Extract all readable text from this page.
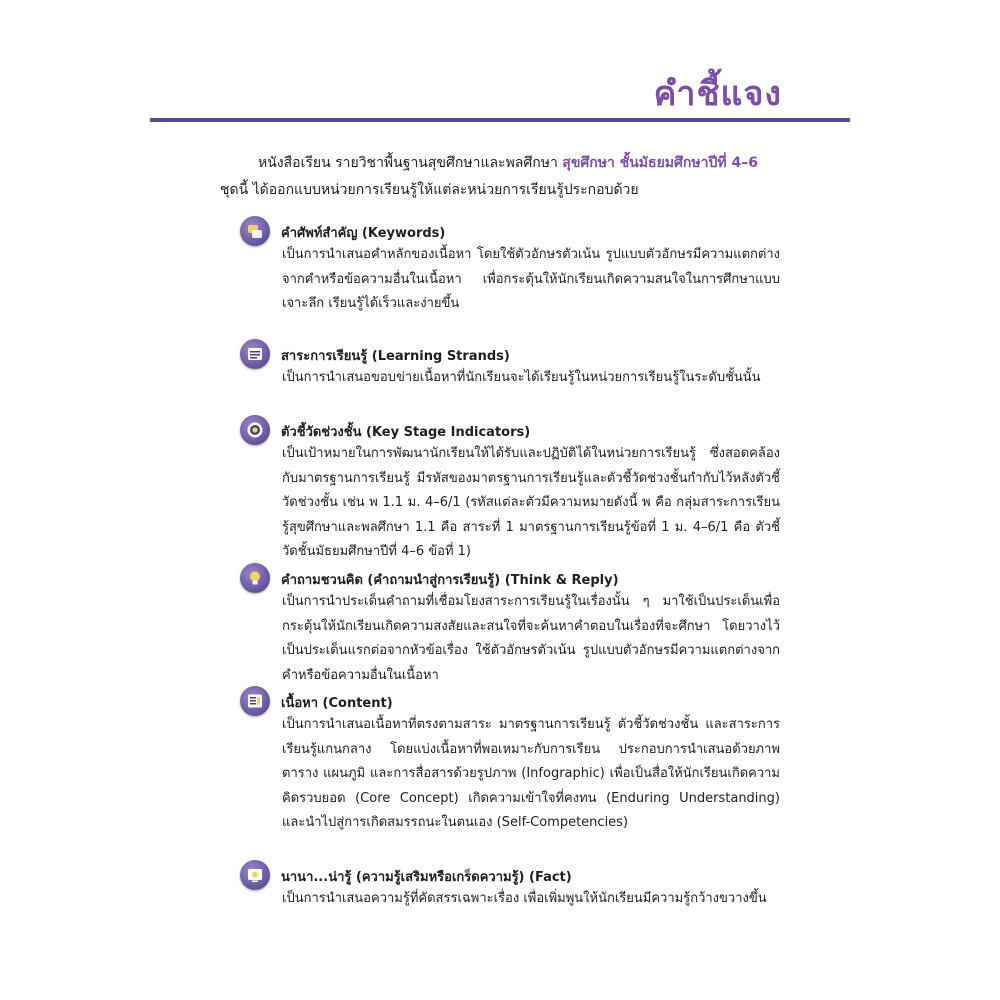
คำชี้แจง
หนังสือเรียน รายวิชาพื้นฐานสุขศึกษาและพลศึกษา สุขศึกษา ชั้นมัธยมศึกษาปีที่ 4–6
ชุดนี้ ได้ออกแบบหน่วยการเรียนรู้ให้แต่ละหน่วยการเรียนรู้ประกอบด้วย
คำศัพท์สำคัญ (Keywords)
เป็นการนำเสนอคำหลักของเนื้อหา โดยใช้ตัวอักษรตัวเน้น รูปแบบตัวอักษรมีความแตกต่างจากคำหรือข้อความอื่นในเนื้อหา เพื่อกระตุ้นให้นักเรียนเกิดความสนใจในการศึกษาแบบเจาะลึก เรียนรู้ได้เร็วและง่ายขึ้น
สาระการเรียนรู้ (Learning Strands)
เป็นการนำเสนอขอบข่ายเนื้อหาที่นักเรียนจะได้เรียนรู้ในหน่วยการเรียนรู้ในระดับชั้นนั้น
ตัวชี้วัดช่วงชั้น (Key Stage Indicators)
เป็นเป้าหมายในการพัฒนานักเรียนให้ได้รับและปฏิบัติได้ในหน่วยการเรียนรู้ ซึ่งสอดคล้องกับมาตรฐานการเรียนรู้ มีรหัสของมาตรฐานการเรียนรู้และตัวชี้วัดช่วงชั้นกำกับไว้หลังตัวชี้วัดช่วงชั้น เช่น พ 1.1 ม. 4–6/1 (รหัสแต่ละตัวมีความหมายดังนี้ พ คือ กลุ่มสาระการเรียนรู้สุขศึกษาและพลศึกษา 1.1 คือ สาระที่ 1 มาตรฐานการเรียนรู้ข้อที่ 1 ม. 4–6/1 คือ ตัวชี้วัดชั้นมัธยมศึกษาปีที่ 4–6 ข้อที่ 1)
คำถามชวนคิด (คำถามนำสู่การเรียนรู้) (Think & Reply)
เป็นการนำประเด็นคำถามที่เชื่อมโยงสาระการเรียนรู้ในเรื่องนั้น ๆ มาใช้เป็นประเด็นเพื่อกระตุ้นให้นักเรียนเกิดความสงสัยและสนใจที่จะค้นหาคำตอบในเรื่องที่จะศึกษา โดยวางไว้เป็นประเด็นแรกต่อจากหัวข้อเรื่อง ใช้ตัวอักษรตัวเน้น รูปแบบตัวอักษรมีความแตกต่างจากคำหรือข้อความอื่นในเนื้อหา
เนื้อหา (Content)
เป็นการนำเสนอเนื้อหาที่ตรงตามสาระ มาตรฐานการเรียนรู้ ตัวชี้วัดช่วงชั้น และสาระการเรียนรู้แกนกลาง โดยแบ่งเนื้อหาที่พอเหมาะกับการเรียน ประกอบการนำเสนอด้วยภาพ ตาราง แผนภูมิ และการสื่อสารด้วยรูปภาพ (Infographic) เพื่อเป็นสื่อให้นักเรียนเกิดความคิดรวบยอด (Core Concept) เกิดความเข้าใจที่คงทน (Enduring Understanding) และนำไปสู่การเกิดสมรรถนะในตนเอง (Self-Competencies)
นานา...น่ารู้ (ความรู้เสริมหรือเกร็ดความรู้) (Fact)
เป็นการนำเสนอความรู้ที่คัดสรรเฉพาะเรื่อง เพื่อเพิ่มพูนให้นักเรียนมีความรู้กว้างขวางขึ้น
